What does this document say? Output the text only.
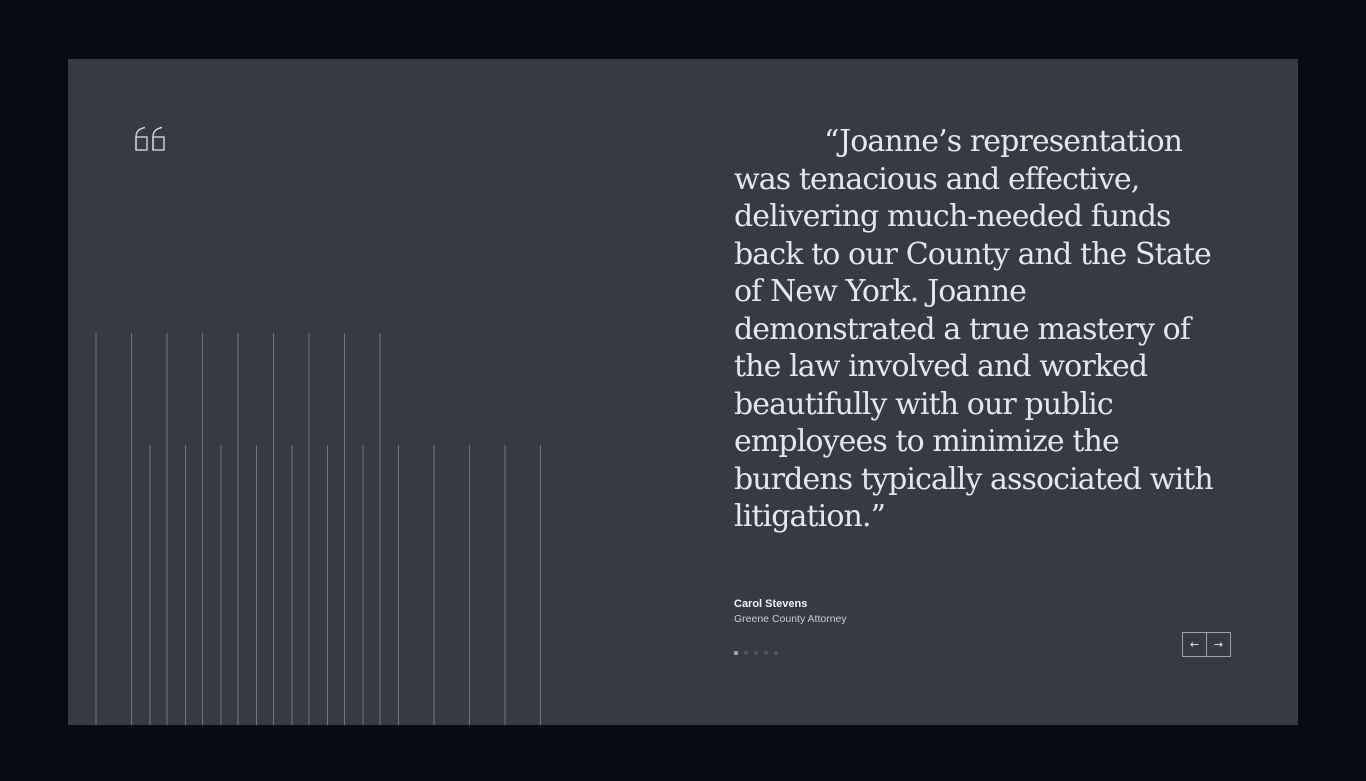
“Joanne’s representation was tenacious and effective, delivering much-needed funds back to our County and the State of New York. Joanne demonstrated a true mastery of the law involved and worked beautifully with our public employees to minimize the burdens typically associated with litigation.”

Carol Stevens
Greene County Attorney
← →
